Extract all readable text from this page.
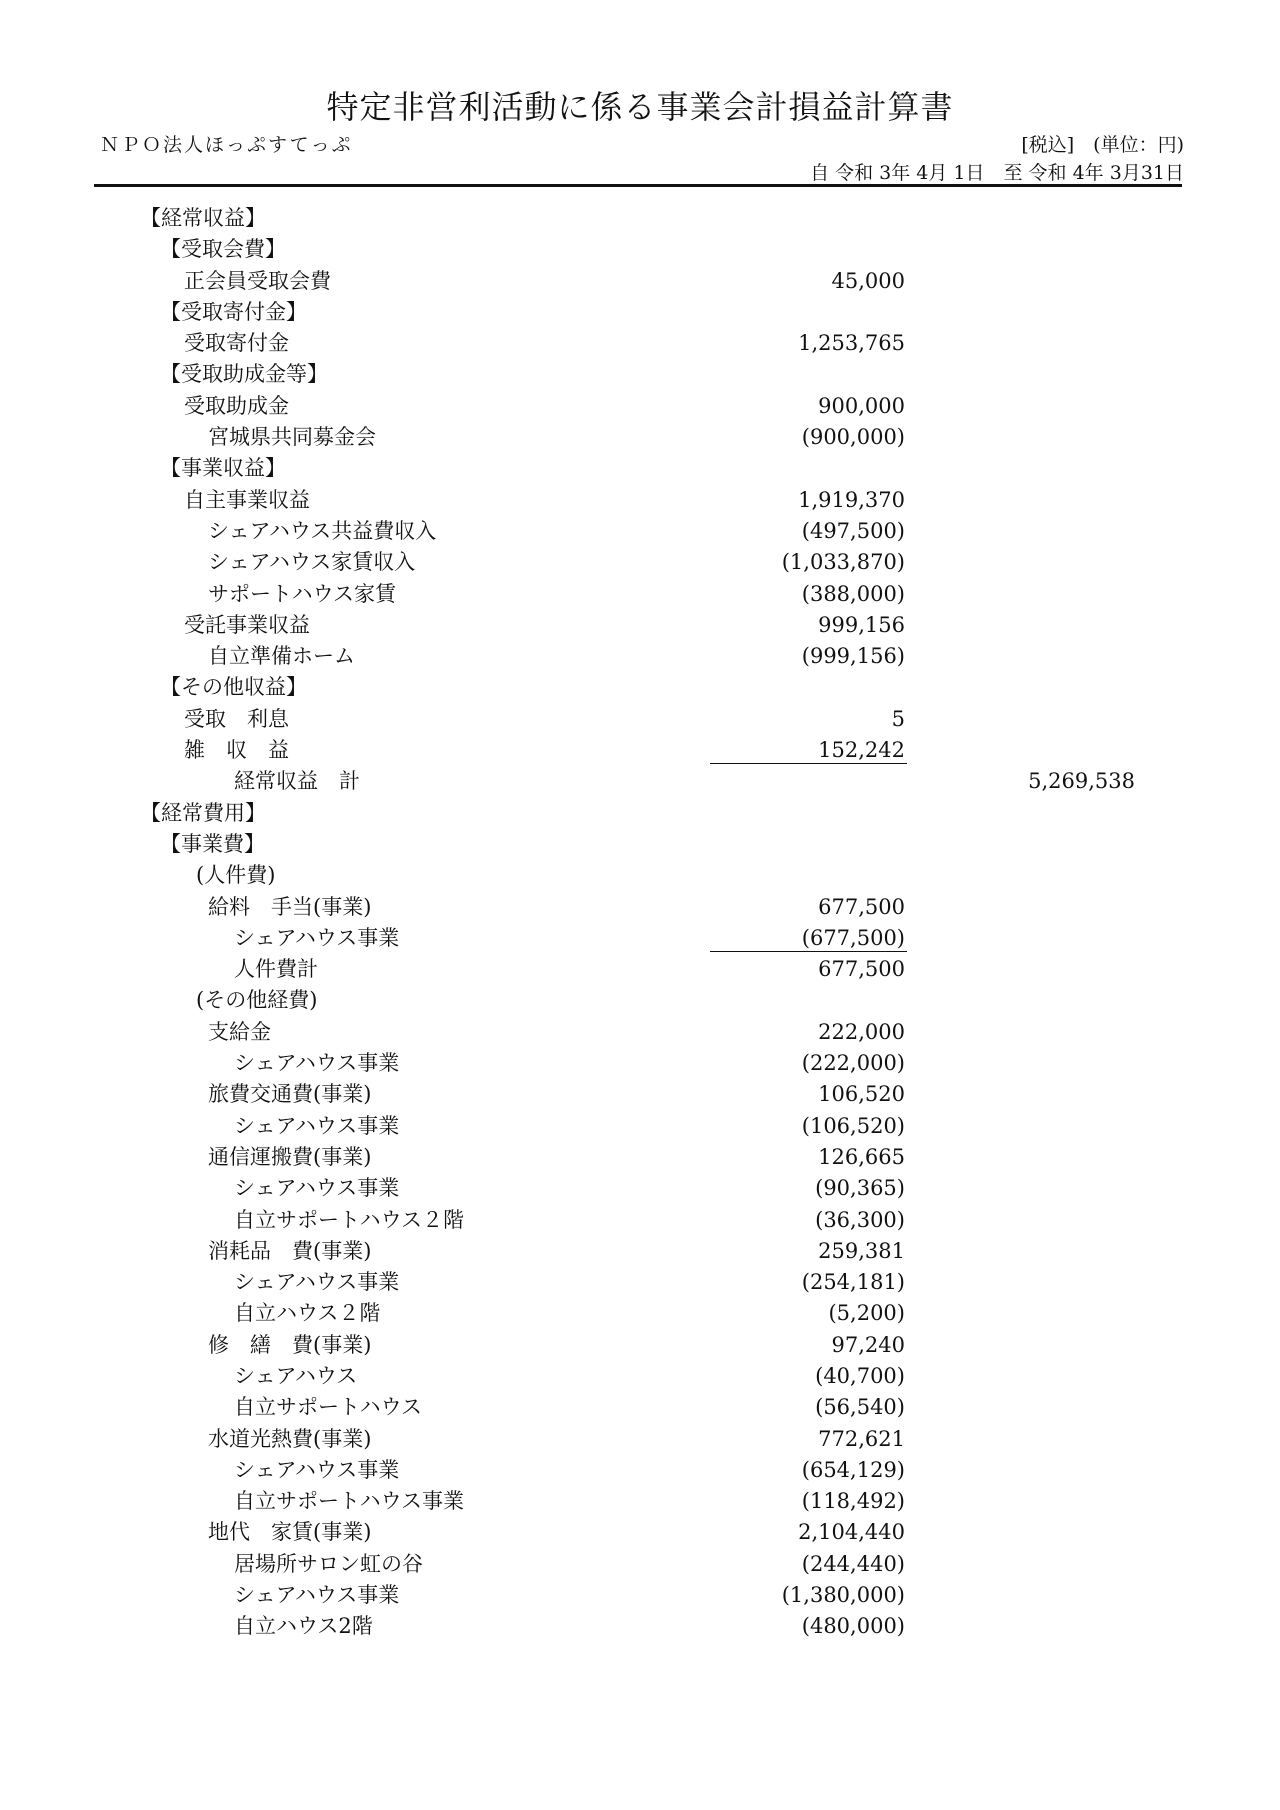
特定非営利活動に係る事業会計損益計算書
ＮＰＯ法人ほっぷすてっぷ	[税込]　(単位：円)
自 令和 3年 4月 1日　至 令和 4年 3月31日
【経常収益】
【受取会費】
正会員受取会費	45,000
【受取寄付金】
受取寄付金	1,253,765
【受取助成金等】
受取助成金	900,000
宮城県共同募金会	(900,000)
【事業収益】
自主事業収益	1,919,370
シェアハウス共益費収入	(497,500)
シェアハウス家賃収入	(1,033,870)
サポートハウス家賃	(388,000)
受託事業収益	999,156
自立準備ホーム	(999,156)
【その他収益】
受取　利息	5
雑　収　益	152,242
経常収益　計	5,269,538
【経常費用】
【事業費】
(人件費)
給料　手当(事業)	677,500
シェアハウス事業	(677,500)
人件費計	677,500
(その他経費)
支給金	222,000
シェアハウス事業	(222,000)
旅費交通費(事業)	106,520
シェアハウス事業	(106,520)
通信運搬費(事業)	126,665
シェアハウス事業	(90,365)
自立サポートハウス２階	(36,300)
消耗品　費(事業)	259,381
シェアハウス事業	(254,181)
自立ハウス２階	(5,200)
修　繕　費(事業)	97,240
シェアハウス	(40,700)
自立サポートハウス	(56,540)
水道光熱費(事業)	772,621
シェアハウス事業	(654,129)
自立サポートハウス事業	(118,492)
地代　家賃(事業)	2,104,440
居場所サロン虹の谷	(244,440)
シェアハウス事業	(1,380,000)
自立ハウス2階	(480,000)
